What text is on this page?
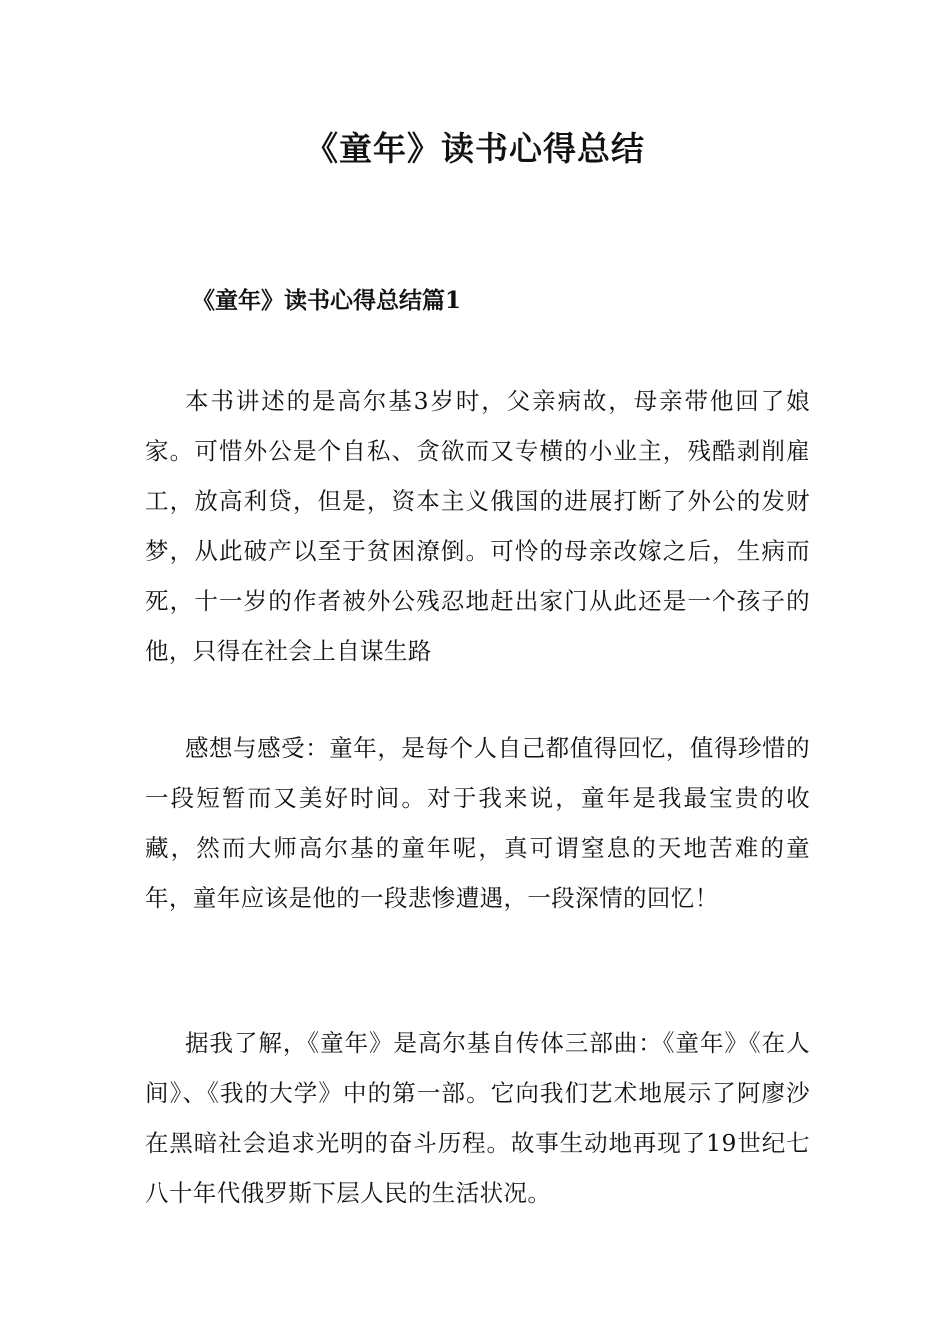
《童年》读书心得总结
《童年》读书心得总结篇1

本书讲述的是高尔基3岁时，父亲病故，母亲带他回了娘家。可惜外公是个自私、贪欲而又专横的小业主，残酷剥削雇工，放高利贷，但是，资本主义俄国的进展打断了外公的发财梦，从此破产以至于贫困潦倒。可怜的母亲改嫁之后，生病而死，十一岁的作者被外公残忍地赶出家门从此还是一个孩子的他，只得在社会上自谋生路

感想与感受：童年，是每个人自己都值得回忆，值得珍惜的一段短暂而又美好时间。对于我来说，童年是我最宝贵的收藏，然而大师高尔基的童年呢，真可谓窒息的天地苦难的童年，童年应该是他的一段悲惨遭遇，一段深情的回忆！

据我了解，《童年》是高尔基自传体三部曲：《童年》《在人间》、《我的大学》中的第一部。它向我们艺术地展示了阿廖沙在黑暗社会追求光明的奋斗历程。故事生动地再现了19世纪七八十年代俄罗斯下层人民的生活状况。
